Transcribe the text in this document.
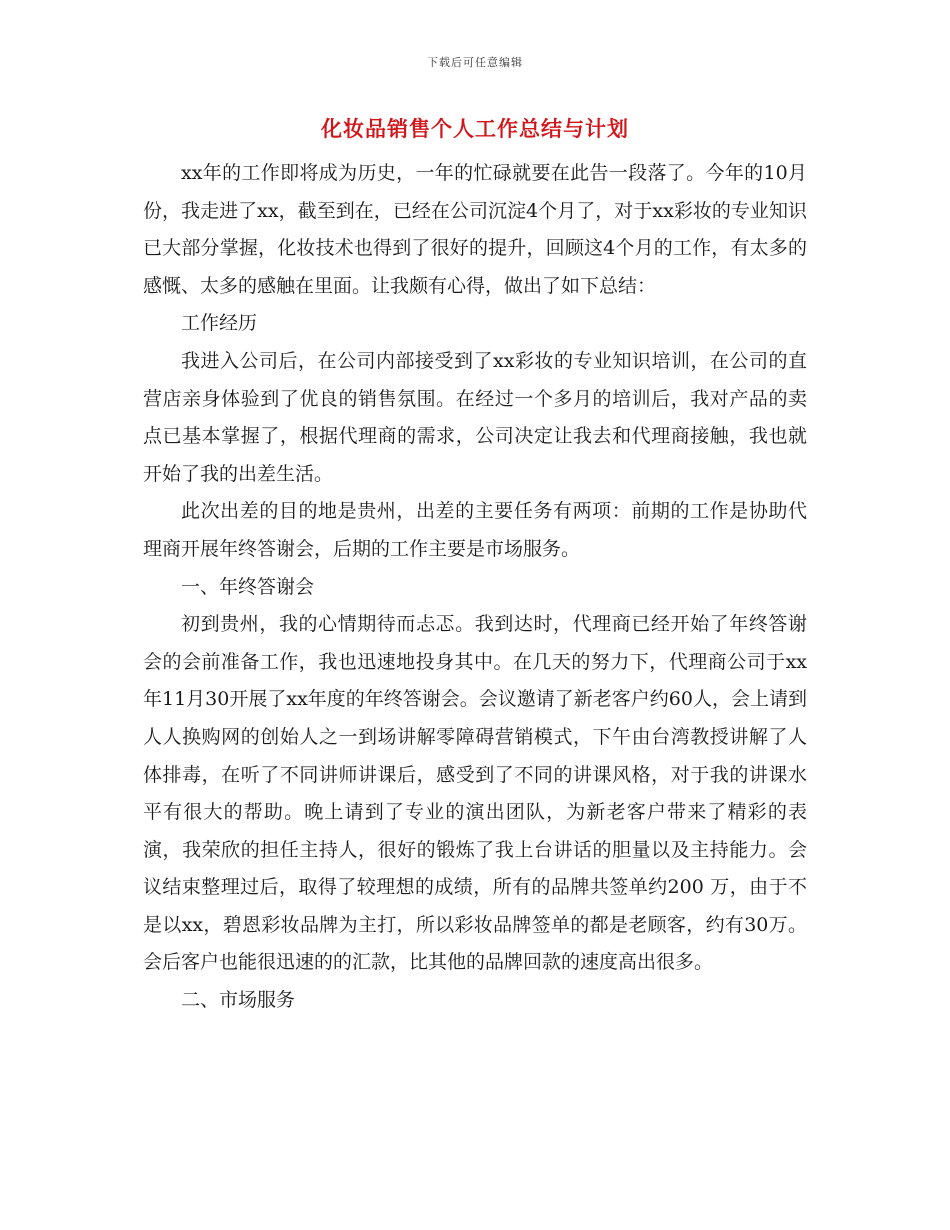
下载后可任意编辑
化妆品销售个人工作总结与计划

xx年的工作即将成为历史，一年的忙碌就要在此告一段落了。今年的10月份，我走进了xx，截至到在，已经在公司沉淀4个月了，对于xx彩妆的专业知识已大部分掌握，化妆技术也得到了很好的提升，回顾这4个月的工作，有太多的感慨、太多的感触在里面。让我颇有心得，做出了如下总结：

工作经历

我进入公司后，在公司内部接受到了xx彩妆的专业知识培训，在公司的直营店亲身体验到了优良的销售氛围。在经过一个多月的培训后，我对产品的卖点已基本掌握了，根据代理商的需求，公司决定让我去和代理商接触，我也就开始了我的出差生活。

此次出差的目的地是贵州，出差的主要任务有两项：前期的工作是协助代理商开展年终答谢会，后期的工作主要是市场服务。

一、年终答谢会

初到贵州，我的心情期待而忐忑。我到达时，代理商已经开始了年终答谢会的会前准备工作，我也迅速地投身其中。在几天的努力下，代理商公司于xx年11月30开展了xx年度的年终答谢会。会议邀请了新老客户约60人，会上请到人人换购网的创始人之一到场讲解零障碍营销模式，下午由台湾教授讲解了人体排毒，在听了不同讲师讲课后，感受到了不同的讲课风格，对于我的讲课水平有很大的帮助。晚上请到了专业的演出团队，为新老客户带来了精彩的表演，我荣欣的担任主持人，很好的锻炼了我上台讲话的胆量以及主持能力。会议结束整理过后，取得了较理想的成绩，所有的品牌共签单约200 万，由于不是以xx，碧恩彩妆品牌为主打，所以彩妆品牌签单的都是老顾客，约有30万。会后客户也能很迅速的的汇款，比其他的品牌回款的速度高出很多。

二、市场服务
